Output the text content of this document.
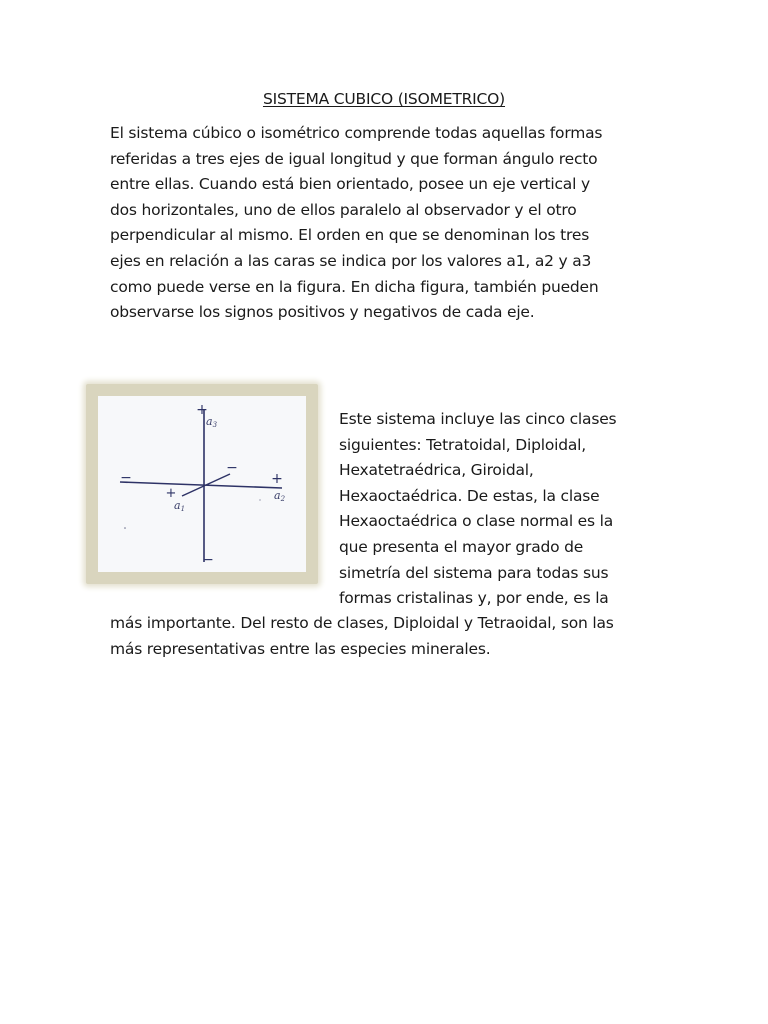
SISTEMA CUBICO (ISOMETRICO)

El sistema cúbico o isométrico comprende todas aquellas formas
referidas a tres ejes de igual longitud y que forman ángulo recto
entre ellas. Cuando está bien orientado, posee un eje vertical y
dos horizontales, uno de ellos paralelo al observador y el otro
perpendicular al mismo. El orden en que se denominan los tres
ejes en relación a las caras se indica por los valores a1, a2 y a3
como puede verse en la figura. En dicha figura, también pueden
observarse los signos positivos y negativos de cada eje.

+
a3
−
−	+
a2
−
+
a1

Este sistema incluye las cinco clases
siguientes: Tetratoidal, Diploidal,
Hexatetraédrica, Giroidal,
Hexaoctaédrica. De estas, la clase
Hexaoctaédrica o clase normal es la
que presenta el mayor grado de
simetría del sistema para todas sus
formas cristalinas y, por ende, es la

más importante. Del resto de clases, Diploidal y Tetraoidal, son las
más representativas entre las especies minerales.
